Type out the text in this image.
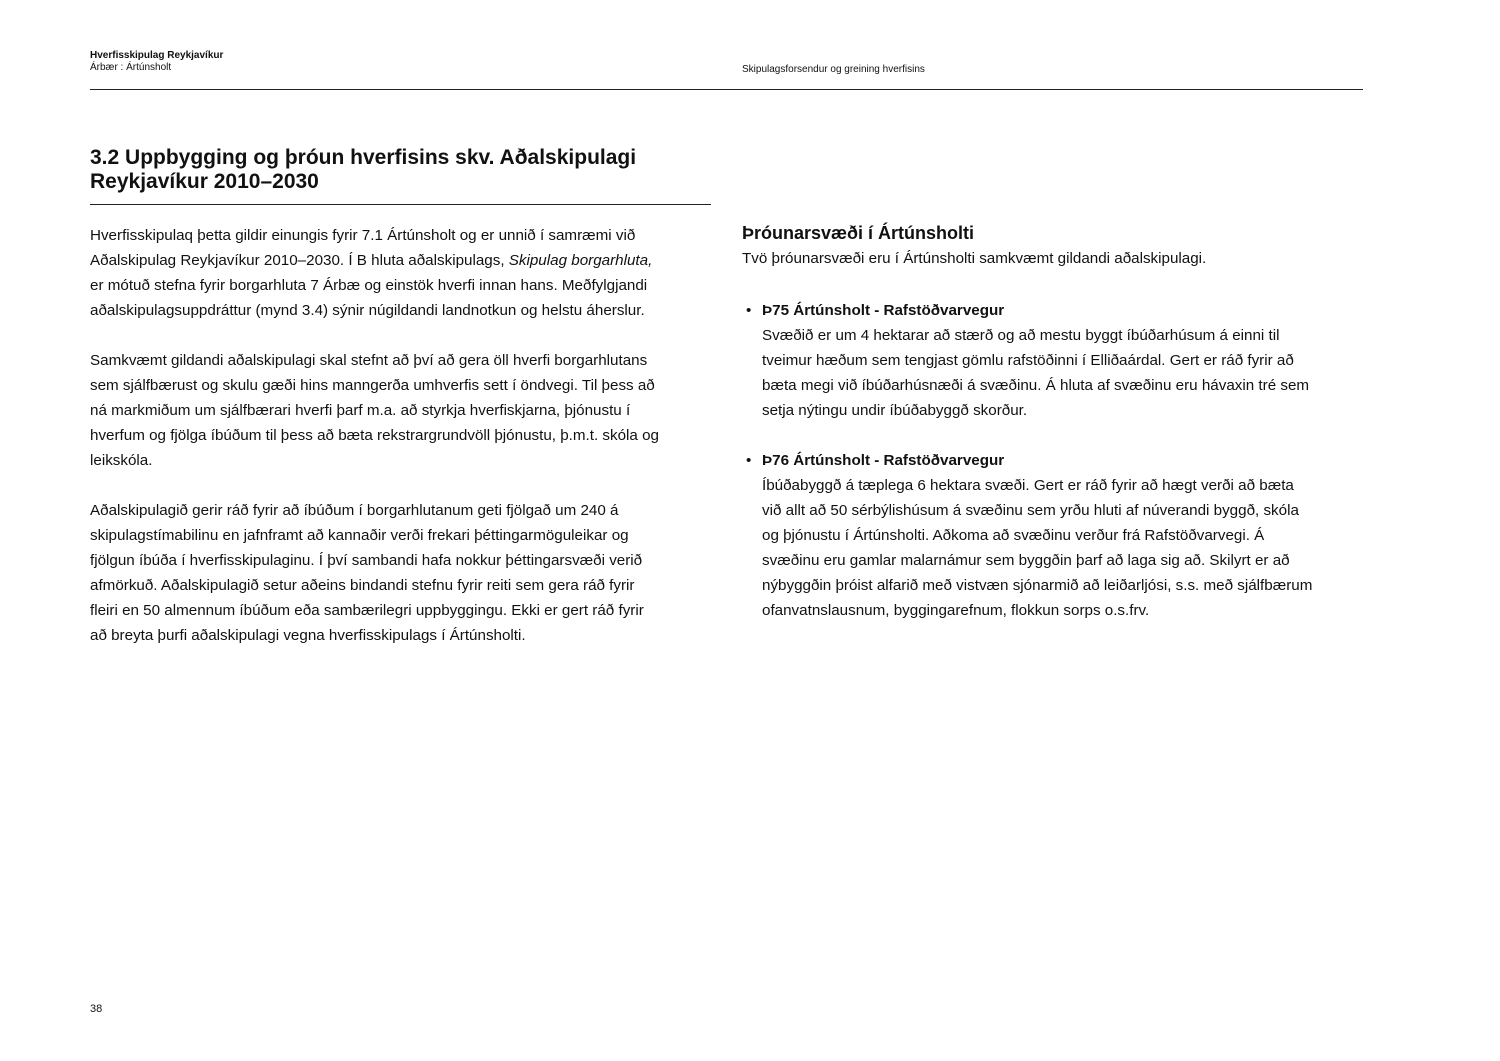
Hverfisskipulag Reykjavíkur
Árbær : Ártúnsholt	Skipulagsforsendur og greining hverfisins
3.2 Uppbygging og þróun hverfisins skv. Aðalskipulagi
Reykjavíkur 2010–2030
Hverfisskipulaq þetta gildir einungis fyrir 7.1 Ártúnsholt og er unnið í samræmi við
Aðalskipulag Reykjavíkur 2010–2030. Í B hluta aðalskipulags, Skipulag borgarhluta,
er mótuð stefna fyrir borgarhluta 7 Árbæ og einstök hverfi innan hans. Meðfylgjandi
aðalskipulagsuppdráttur (mynd 3.4) sýnir núgildandi landnotkun og helstu áherslur.
Samkvæmt gildandi aðalskipulagi skal stefnt að því að gera öll hverfi borgarhlutans
sem sjálfbærust og skulu gæði hins manngerða umhverfis sett í öndvegi. Til þess að
ná markmiðum um sjálfbærari hverfi þarf m.a. að styrkja hverfiskjarna, þjónustu í
hverfum og fjölga íbúðum til þess að bæta rekstrargrundvöll þjónustu, þ.m.t. skóla og
leikskóla.
Aðalskipulagið gerir ráð fyrir að íbúðum í borgarhlutanum geti fjölgað um 240 á
skipulagstímabilinu en jafnframt að kannaðir verði frekari þéttingarmöguleikar og
fjölgun íbúða í hverfisskipulaginu. Í því sambandi hafa nokkur þéttingarsvæði verið
afmörkuð. Aðalskipulagið setur aðeins bindandi stefnu fyrir reiti sem gera ráð fyrir
fleiri en 50 almennum íbúðum eða sambærilegri uppbyggingu. Ekki er gert ráð fyrir
að breyta þurfi aðalskipulagi vegna hverfisskipulags í Ártúnsholti.
Þróunarsvæði í Ártúnsholti
Tvö þróunarsvæði eru í Ártúnsholti samkvæmt gildandi aðalskipulagi.
• Þ75 Ártúnsholt - Rafstöðvarvegur
Svæðið er um 4 hektarar að stærð og að mestu byggt íbúðarhúsum á einni til
tveimur hæðum sem tengjast gömlu rafstöðinni í Elliðaárdal. Gert er ráð fyrir að
bæta megi við íbúðarhúsnæði á svæðinu. Á hluta af svæðinu eru hávaxin tré sem
setja nýtingu undir íbúðabyggð skorður.
• Þ76 Ártúnsholt - Rafstöðvarvegur
Íbúðabyggð á tæplega 6 hektara svæði. Gert er ráð fyrir að hægt verði að bæta
við allt að 50 sérbýlishúsum á svæðinu sem yrðu hluti af núverandi byggð, skóla
og þjónustu í Ártúnsholti. Aðkoma að svæðinu verður frá Rafstöðvarvegi. Á
svæðinu eru gamlar malarnámur sem byggðin þarf að laga sig að. Skilyrt er að
nýbyggðin þróist alfarið með vistvæn sjónarmið að leiðarljósi, s.s. með sjálfbærum
ofanvatnslausnum, byggingarefnum, flokkun sorps o.s.frv.
38
